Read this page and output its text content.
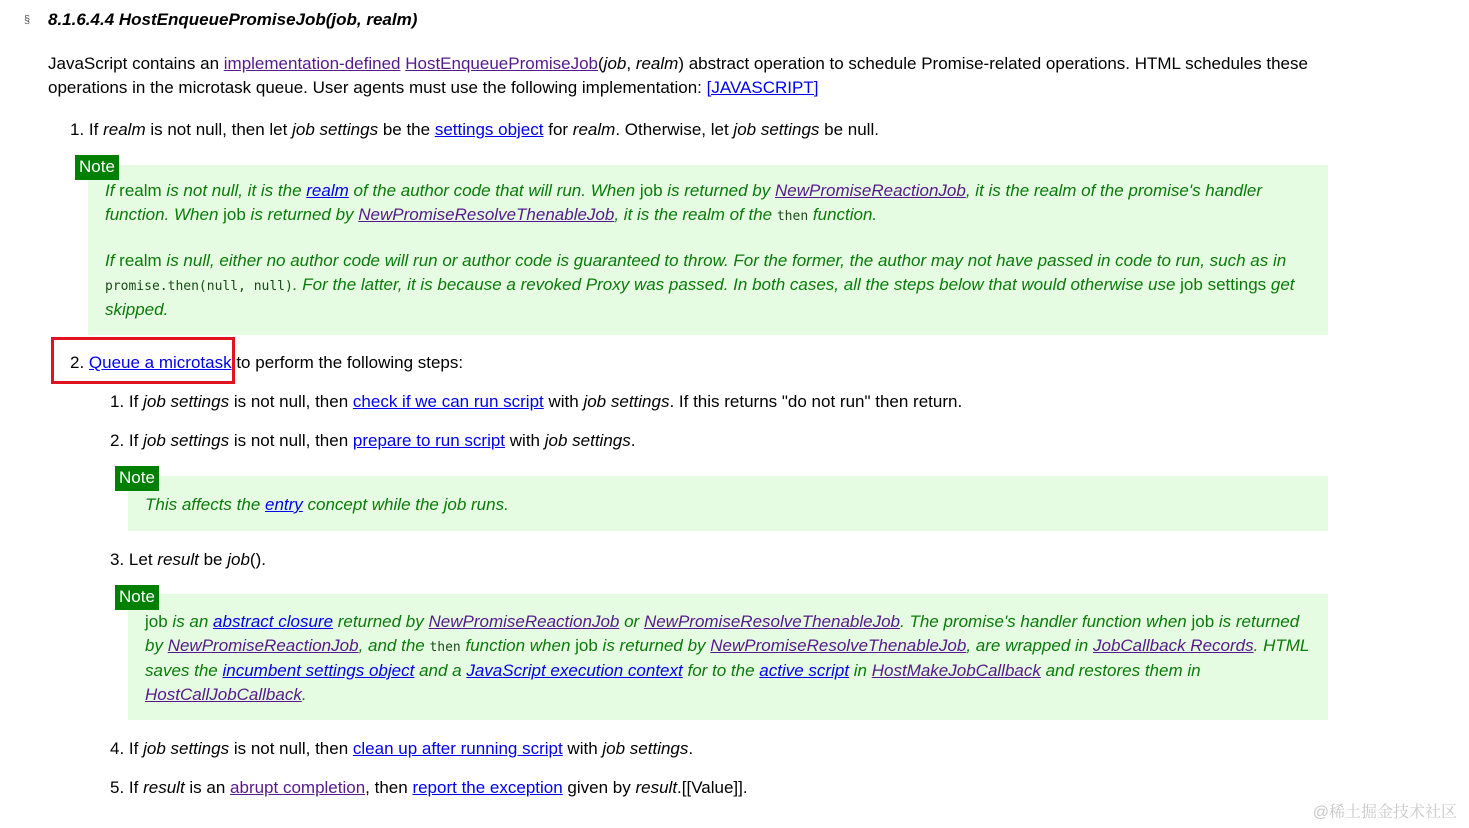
§ 8.1.6.4.4 HostEnqueuePromiseJob(job, realm)
JavaScript contains an implementation-defined HostEnqueuePromiseJob(job, realm) abstract operation to schedule Promise-related operations. HTML schedules these operations in the microtask queue. User agents must use the following implementation: [JAVASCRIPT]
1. If realm is not null, then let job settings be the settings object for realm. Otherwise, let job settings be null.

If realm is not null, it is the realm of the author code that will run. When job is returned by NewPromiseReactionJob, it is the realm of the promise's handler function. When job is returned by NewPromiseResolveThenableJob, it is the realm of the then function.

If realm is null, either no author code will run or author code is guaranteed to throw. For the former, the author may not have passed in code to run, such as in promise.then(null, null). For the latter, it is because a revoked Proxy was passed. In both cases, all the steps below that would otherwise use job settings get skipped.

Note
2. Queue a microtask to perform the following steps:
1. If job settings is not null, then check if we can run script with job settings. If this returns "do not run" then return.
2. If job settings is not null, then prepare to run script with job settings.
This affects the entry concept while the job runs.
Note
3. Let result be job().
job is an abstract closure returned by NewPromiseReactionJob or NewPromiseResolveThenableJob. The promise's handler function when job is returned by NewPromiseReactionJob, and the then function when job is returned by NewPromiseResolveThenableJob, are wrapped in JobCallback Records. HTML saves the incumbent settings object and a JavaScript execution context for to the active script in HostMakeJobCallback and restores them in HostCallJobCallback.
Note
4. If job settings is not null, then clean up after running script with job settings.
5. If result is an abrupt completion, then report the exception given by result.[[Value]].
@稀土掘金技术社区
